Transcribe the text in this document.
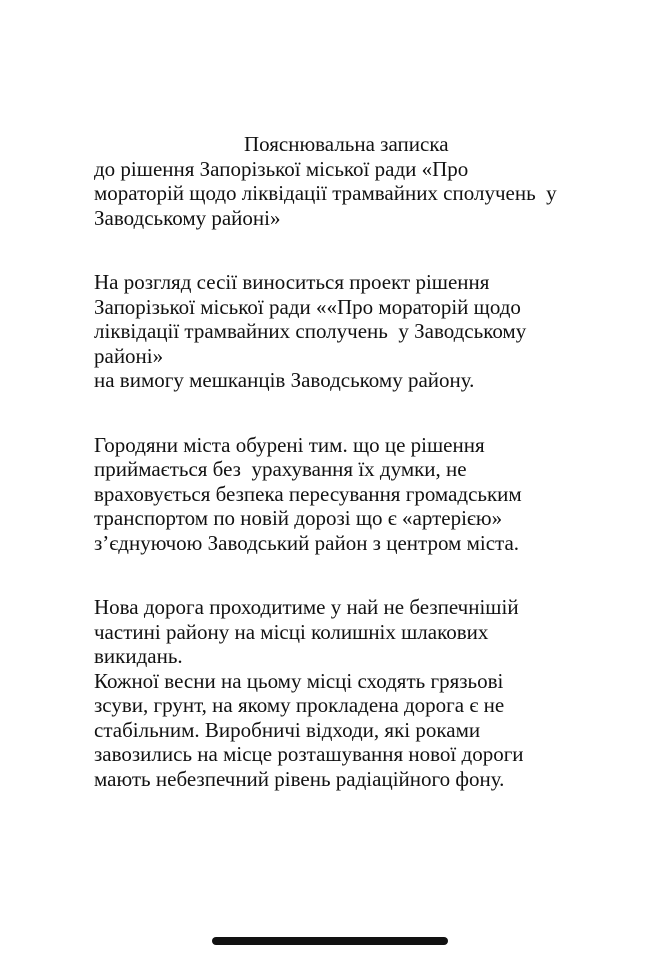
Пояснювальна записка
до рішення Запорізької міської ради «Про
мораторій щодо ліквідації трамвайних сполучень  у
Заводському районі»
На розгляд сесії виноситься проект рішення
Запорізької міської ради ««Про мораторій щодо
ліквідації трамвайних сполучень  у Заводському
районі»
на вимогу мешканців Заводському району.
Городяни міста обурені тим. що це рішення
приймається без  урахування їх думки, не
враховується безпека пересування громадським
транспортом по новій дорозі що є «артерією»
з’єднуючою Заводський район з центром міста.
Нова дорога проходитиме у най не безпечнішій
частині району на місці колишніх шлакових
викидань.
Кожної весни на цьому місці сходять грязьові
зсуви, грунт, на якому прокладена дорога є не
стабільним. Виробничі відходи, які роками
завозились на місце розташування нової дороги
мають небезпечний рівень радіаційного фону.
